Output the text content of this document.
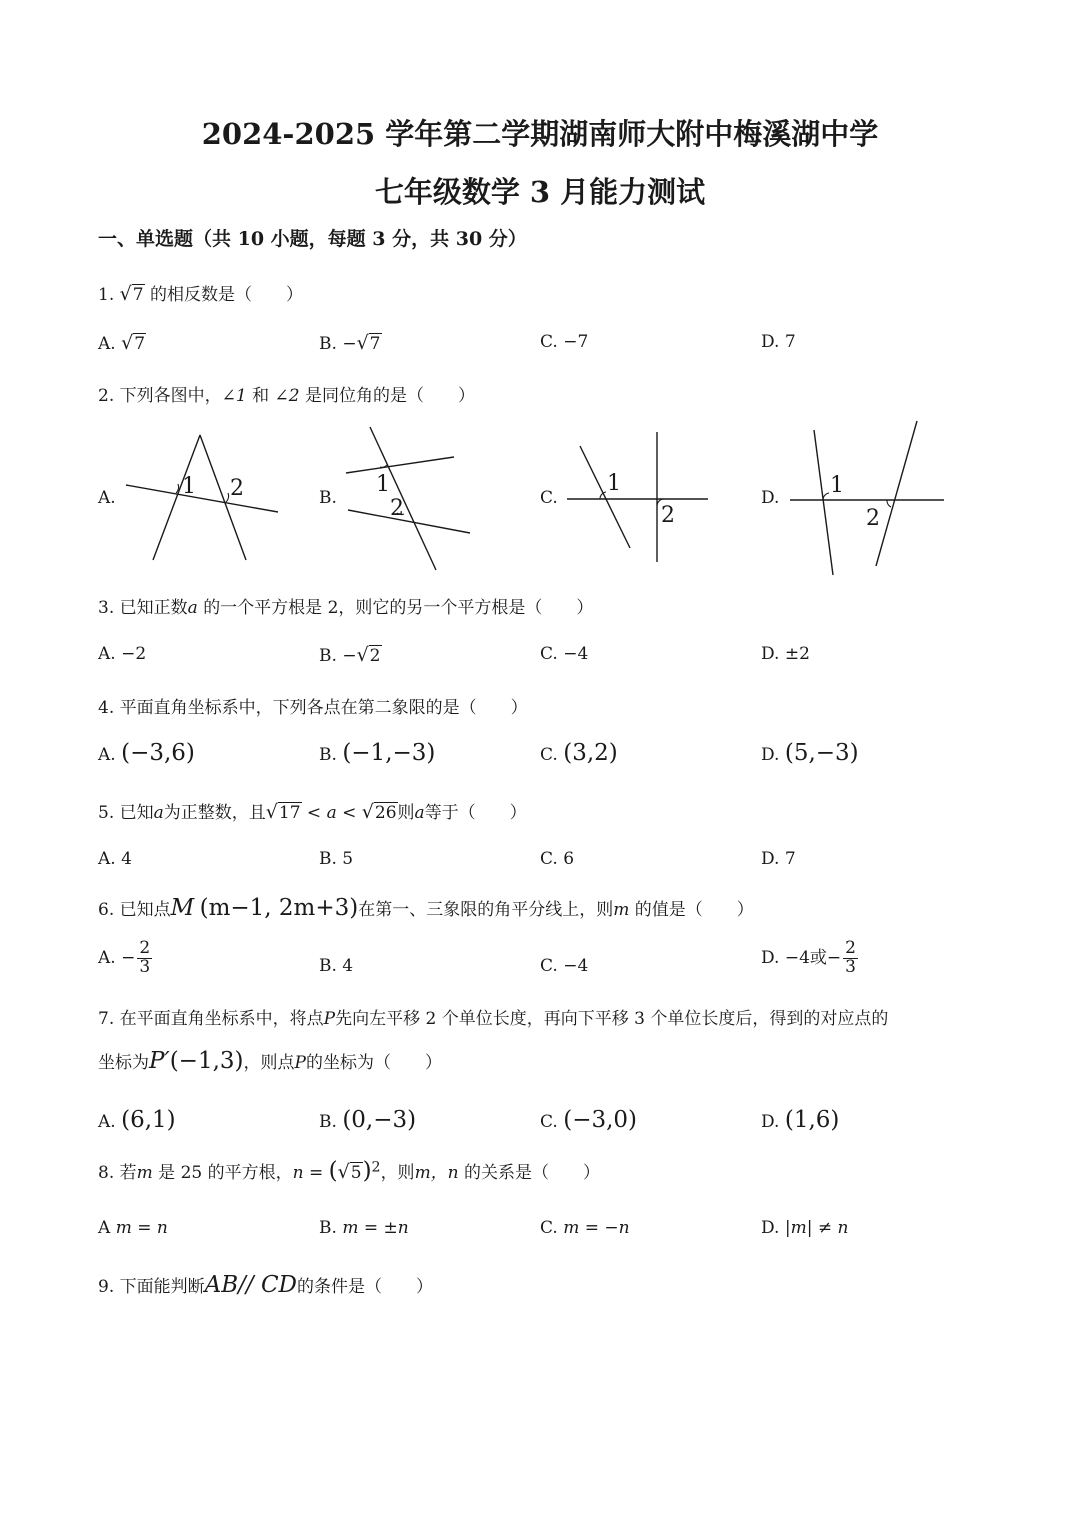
2024-2025 学年第二学期湖南师大附中梅溪湖中学
七年级数学 3 月能力测试
一、单选题（共 10 小题，每题 3 分，共 30 分）
1. √7 的相反数是（　　）
A. √7	B. −√7	C. −7	D. 7
2. 下列各图中，∠1 和 ∠2 是同位角的是（　　）
A.	B.	C.	D.
1 2	1
2
1
2
1
2
3. 已知正数a 的一个平方根是 2，则它的另一个平方根是（　　）
A. −2	B. −√2	C. −4	D. ±2
4. 平面直角坐标系中，下列各点在第二象限的是（　　）
A. (−3,6)	B. (−1,−3)	C. (3,2)	D. (5,−3)
5. 已知a为正整数，且√17 < a < √26则a等于（　　）
A. 4	B. 5	C. 6	D. 7
6. 已知点M (m−1, 2m+3)在第一、三象限的角平分线上，则m 的值是（　　）
A. − $\frac{2}{3}$	B. 4	C. −4	D. −4或− $\frac{2}{3}$
7. 在平面直角坐标系中，将点P先向左平移 2 个单位长度，再向下平移 3 个单位长度后，得到的对应点的
坐标为P′(−1,3)，则点P的坐标为（　　）
A. (6,1)	B. (0,−3)	C. (−3,0)	D. (1,6)
8. 若m 是 25 的平方根，$n = (√5)^2$，则m，n 的关系是（　　）
A m = n	B. m = ±n	C. m = −n	D. |m| ≠ n
9. 下面能判断AB// CD的条件是（　　）
